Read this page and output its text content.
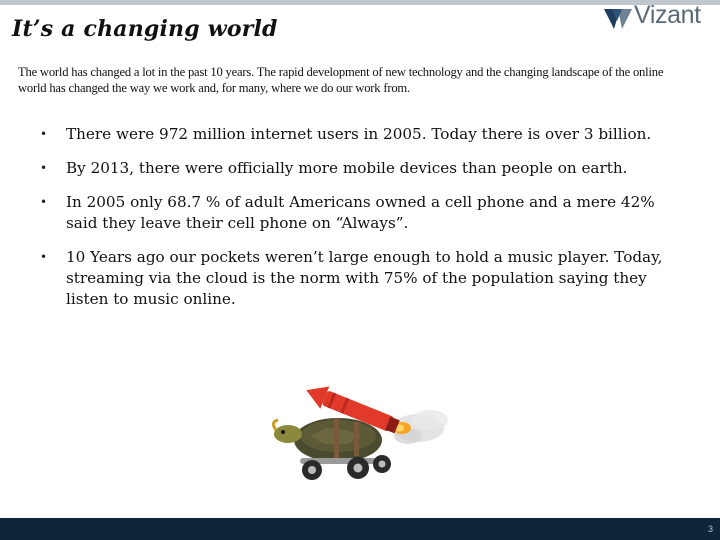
It’s a changing world	Vizant
The world has changed a lot in the past 10 years. The rapid development of new technology and the changing landscape of the online world has changed the way we work and, for many, where we do our work from.
• There were 972 million internet users in 2005. Today there is over 3 billion.
• By 2013, there were officially more mobile devices than people on earth.
• In 2005 only 68.7 % of adult Americans owned a cell phone and a mere 42% said they leave their cell phone on “Always”.
• 10 Years ago our pockets weren’t large enough to hold a music player. Today, streaming via the cloud is the norm with 75% of the population saying they listen to music online.
3
